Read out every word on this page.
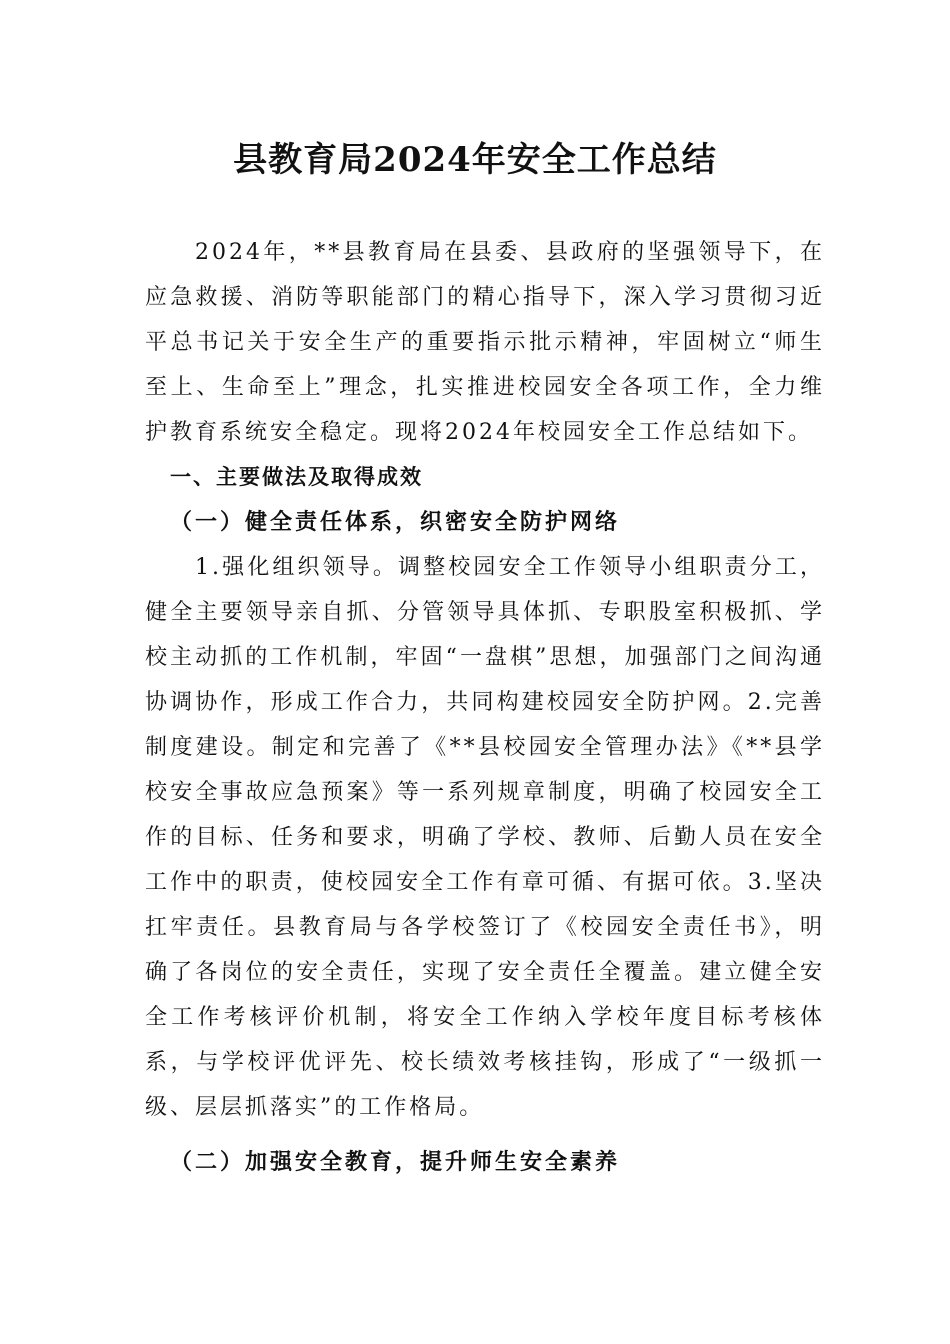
县教育局2024年安全工作总结

2024年，**县教育局在县委、县政府的坚强领导下，在应急救援、消防等职能部门的精心指导下，深入学习贯彻习近平总书记关于安全生产的重要指示批示精神，牢固树立“师生至上、生命至上”理念，扎实推进校园安全各项工作，全力维护教育系统安全稳定。现将2024年校园安全工作总结如下。

一、主要做法及取得成效

（一）健全责任体系，织密安全防护网络

1.强化组织领导。调整校园安全工作领导小组职责分工，健全主要领导亲自抓、分管领导具体抓、专职股室积极抓、学校主动抓的工作机制，牢固“一盘棋”思想，加强部门之间沟通协调协作，形成工作合力，共同构建校园安全防护网。2.完善制度建设。制定和完善了《**县校园安全管理办法》《**县学校安全事故应急预案》等一系列规章制度，明确了校园安全工作的目标、任务和要求，明确了学校、教师、后勤人员在安全工作中的职责，使校园安全工作有章可循、有据可依。3.坚决扛牢责任。县教育局与各学校签订了《校园安全责任书》，明确了各岗位的安全责任，实现了安全责任全覆盖。建立健全安全工作考核评价机制，将安全工作纳入学校年度目标考核体系，与学校评优评先、校长绩效考核挂钩，形成了“一级抓一级、层层抓落实”的工作格局。

（二）加强安全教育，提升师生安全素养
